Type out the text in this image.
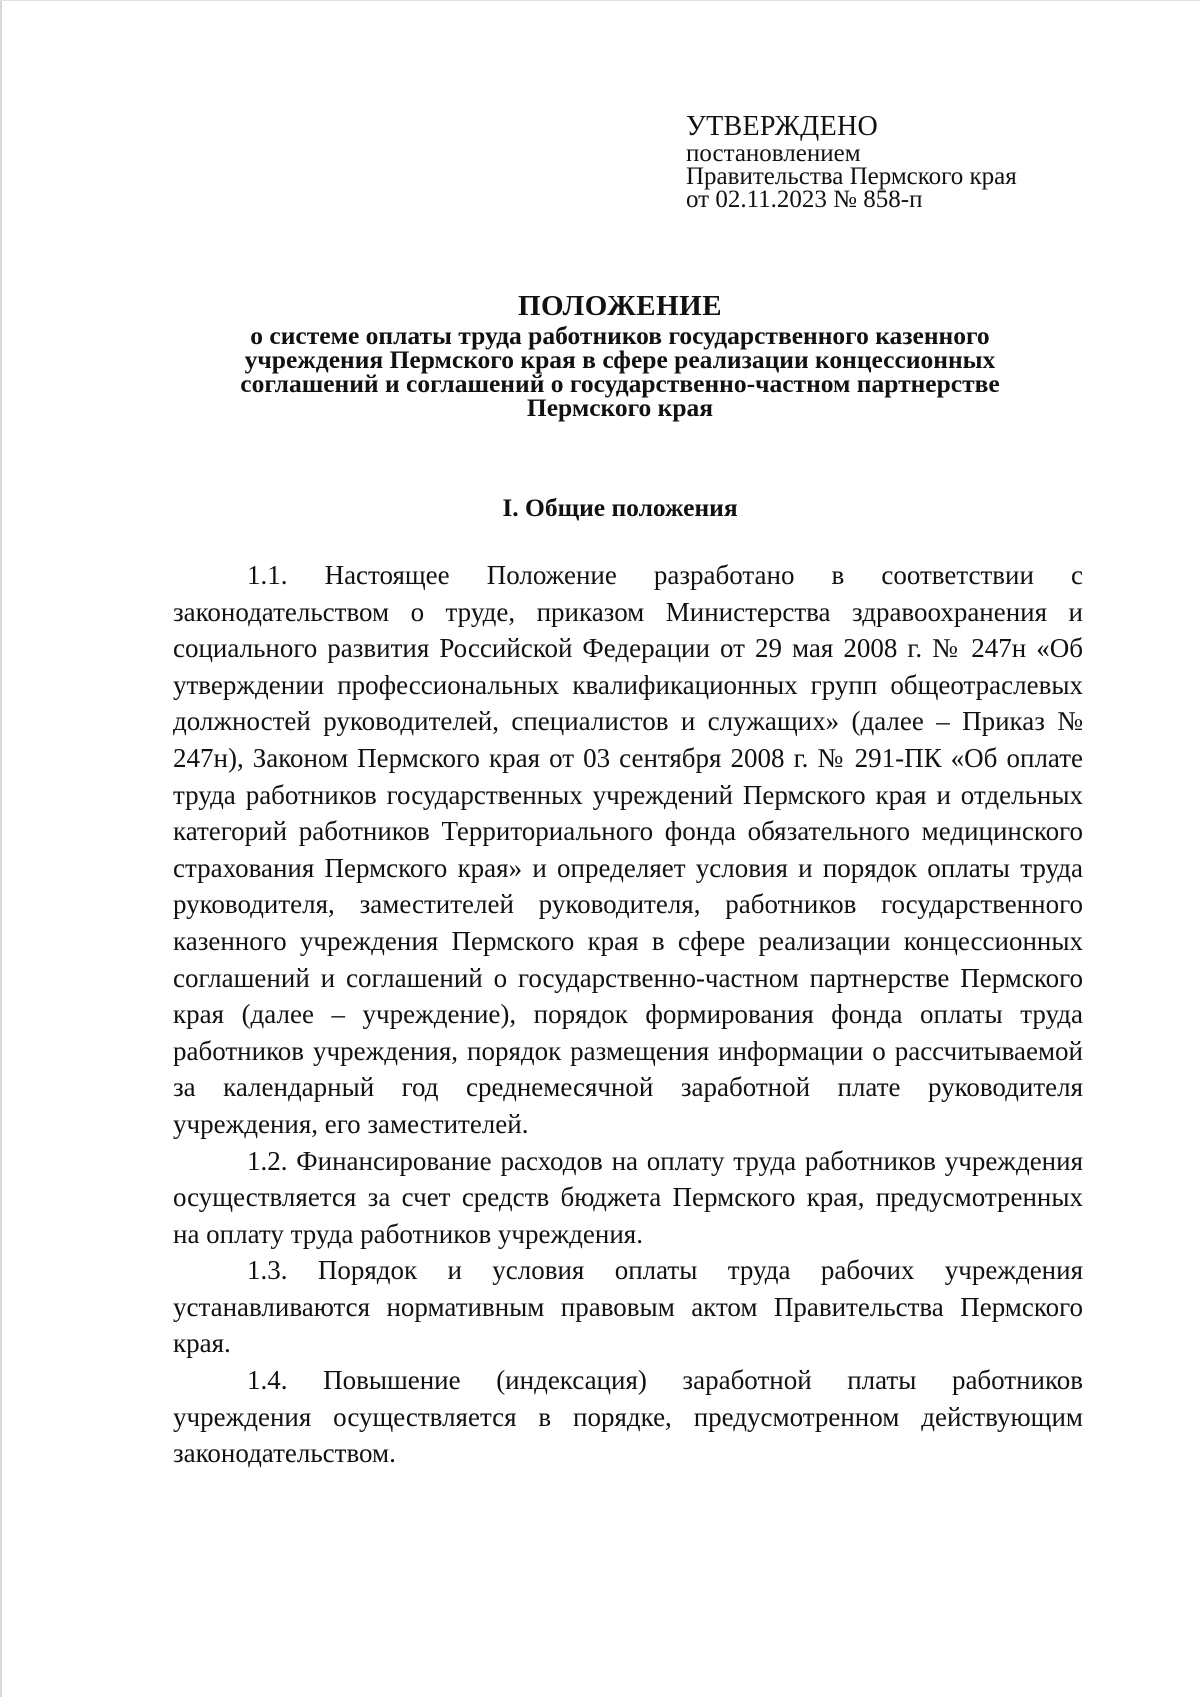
УТВЕРЖДЕНО
постановлением
Правительства Пермского края
от 02.11.2023 № 858-п
ПОЛОЖЕНИЕ

о системе оплаты труда работников государственного казенного учреждения Пермского края в сфере реализации концессионных соглашений и соглашений о государственно-частном партнерстве Пермского края

I. Общие положения

1.1. Настоящее Положение разработано в соответствии с законодательством о труде, приказом Министерства здравоохранения и социального развития Российской Федерации от 29 мая 2008 г. № 247н «Об утверждении профессиональных квалификационных групп общеотраслевых должностей руководителей, специалистов и служащих» (далее – Приказ № 247н), Законом Пермского края от 03 сентября 2008 г. № 291-ПК «Об оплате труда работников государственных учреждений Пермского края и отдельных категорий работников Территориального фонда обязательного медицинского страхования Пермского края» и определяет условия и порядок оплаты труда руководителя, заместителей руководителя, работников государственного казенного учреждения Пермского края в сфере реализации концессионных соглашений и соглашений о государственно-частном партнерстве Пермского края (далее – учреждение), порядок формирования фонда оплаты труда работников учреждения, порядок размещения информации о рассчитываемой за календарный год среднемесячной заработной плате руководителя учреждения, его заместителей.

1.2. Финансирование расходов на оплату труда работников учреждения осуществляется за счет средств бюджета Пермского края, предусмотренных на оплату труда работников учреждения.

1.3. Порядок и условия оплаты труда рабочих учреждения устанавливаются нормативным правовым актом Правительства Пермского края.

1.4. Повышение (индексация) заработной платы работников учреждения осуществляется в порядке, предусмотренном действующим законодательством.
